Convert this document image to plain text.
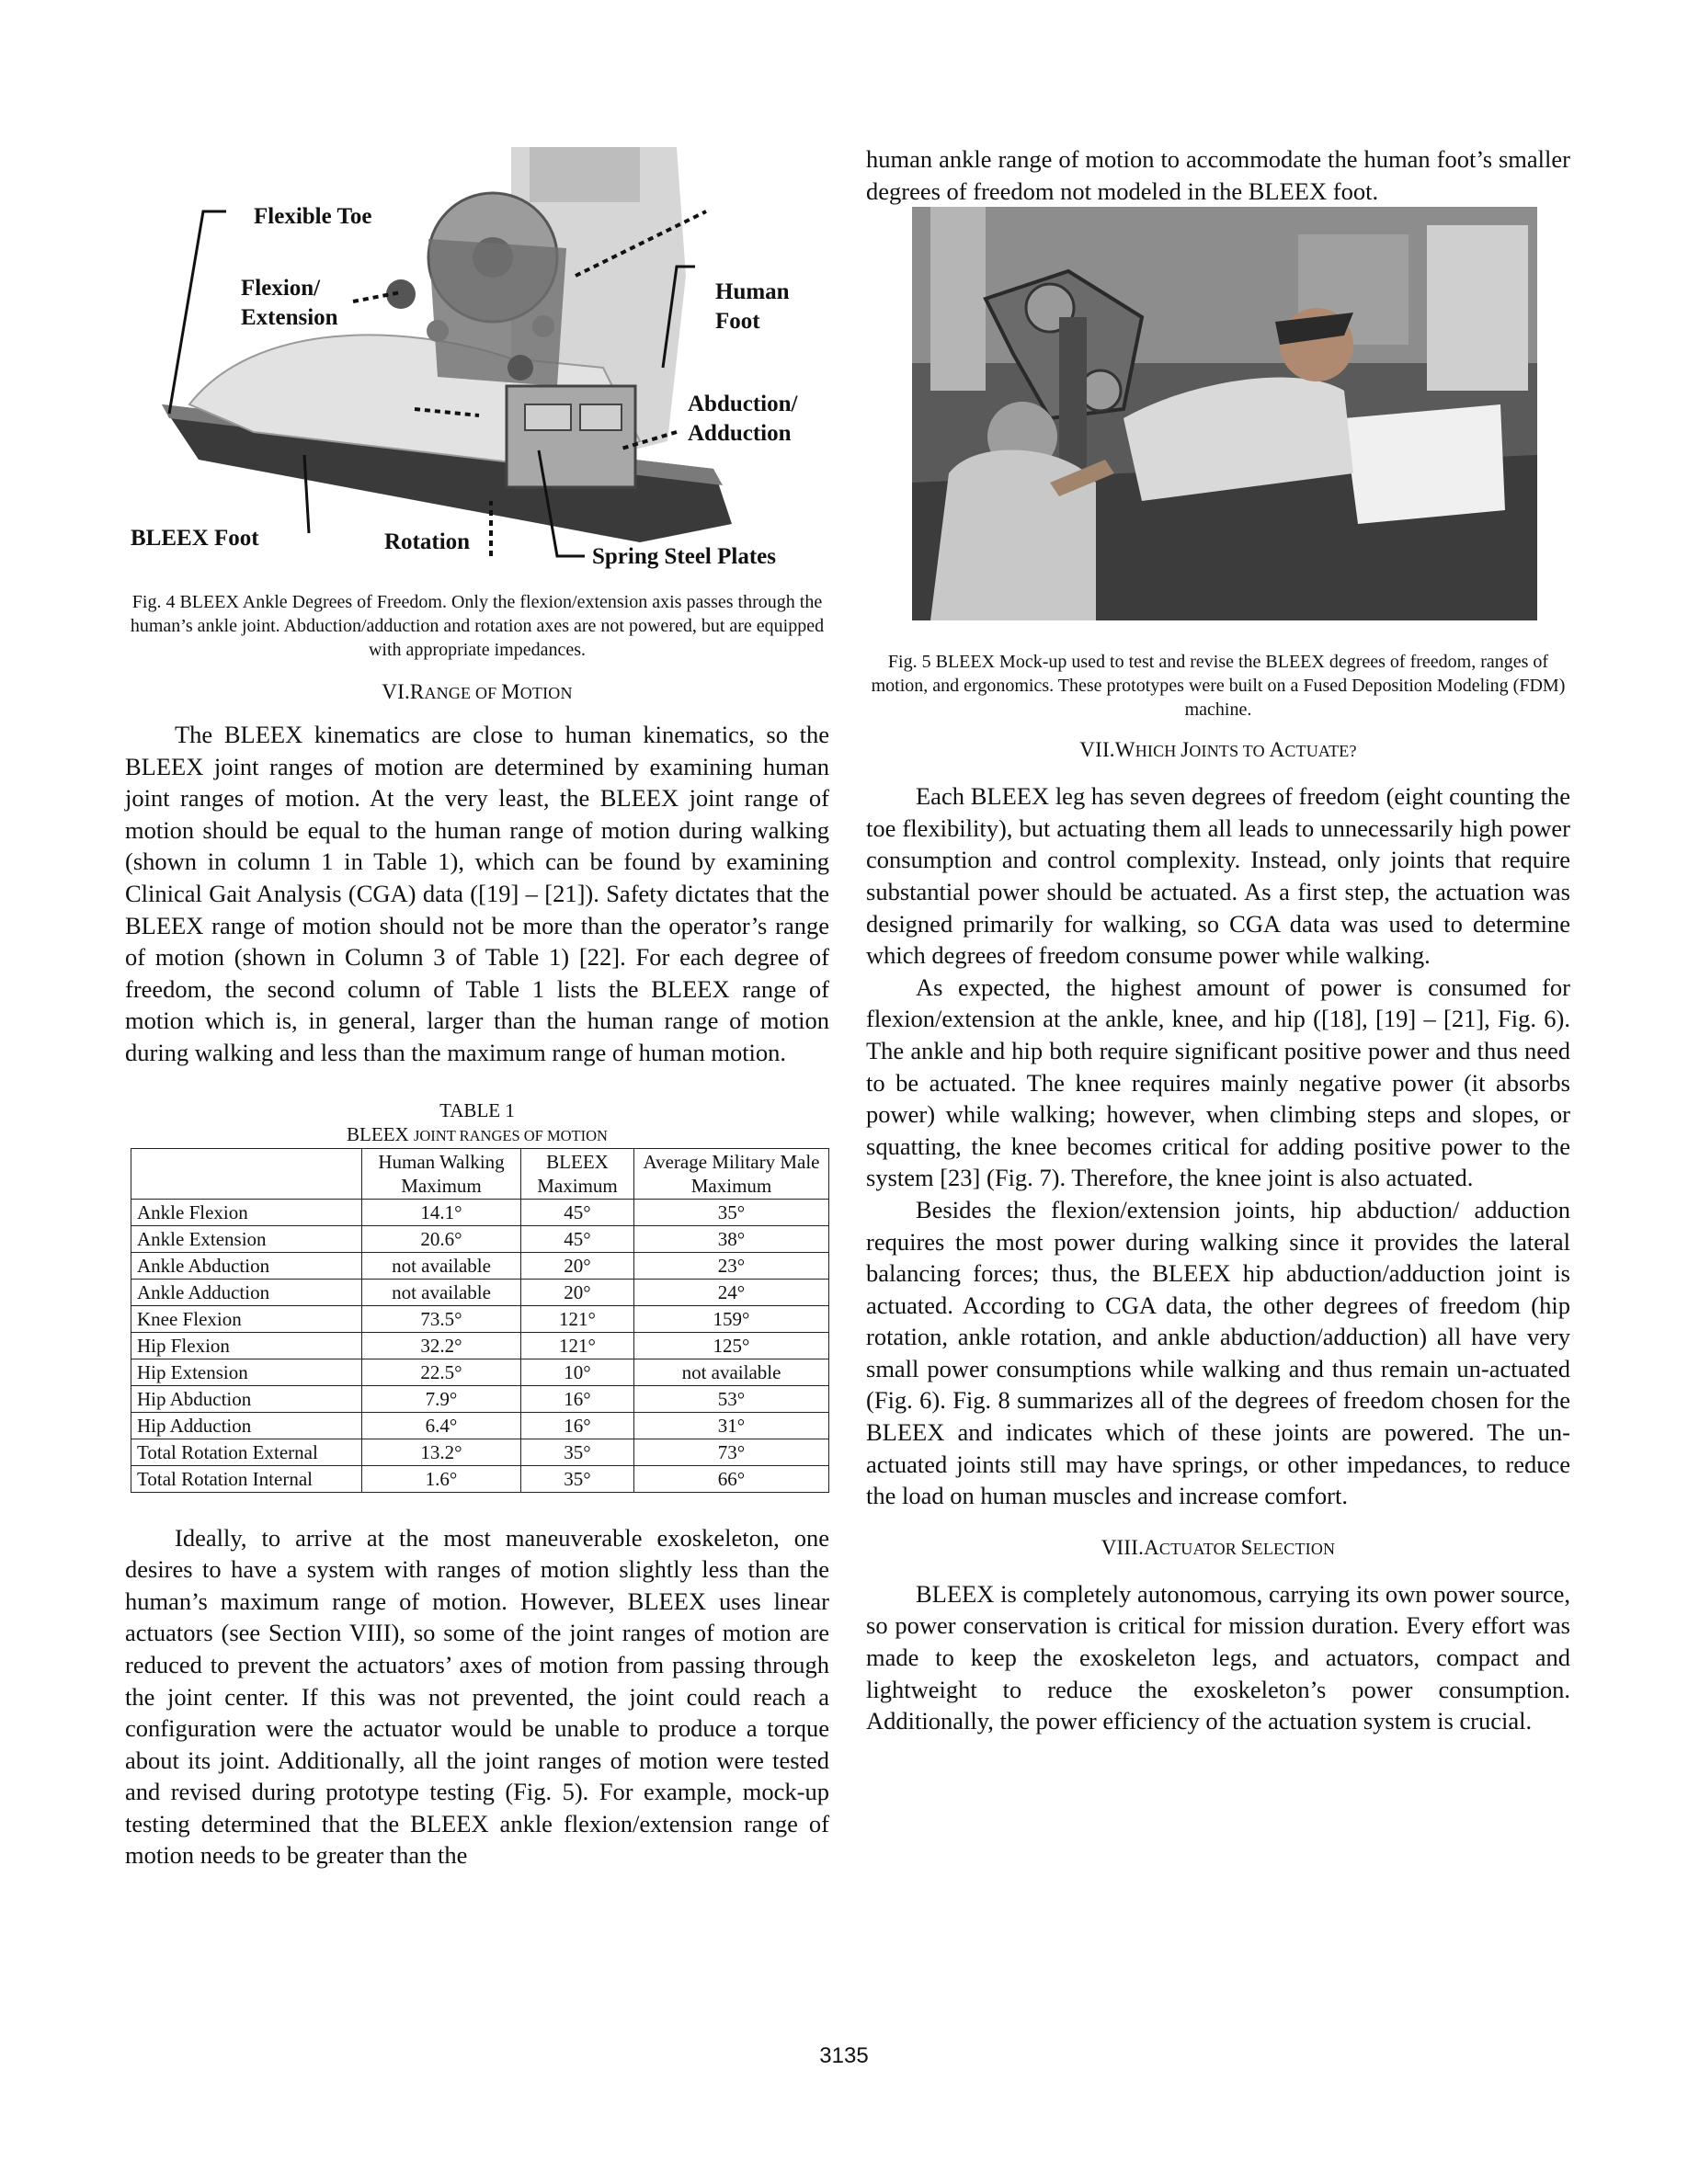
Flexible Toe
Flexion/
Extension
Human
Foot
Abduction/
Adduction
BLEEX Foot	Rotation
Spring Steel Plates

Fig. 4 BLEEX Ankle Degrees of Freedom. Only the flexion/extension axis passes through the human’s ankle joint. Abduction/adduction and rotation axes are not powered, but are equipped with appropriate impedances.

VI.RANGE OF MOTION

The BLEEX kinematics are close to human kinematics, so the BLEEX joint ranges of motion are determined by examining human joint ranges of motion. At the very least, the BLEEX joint range of motion should be equal to the human range of motion during walking (shown in column 1 in Table 1), which can be found by examining Clinical Gait Analysis (CGA) data ([19] – [21]). Safety dictates that the BLEEX range of motion should not be more than the operator’s range of motion (shown in Column 3 of Table 1) [22]. For each degree of freedom, the second column of Table 1 lists the BLEEX range of motion which is, in general, larger than the human range of motion during walking and less than the maximum range of human motion.

TABLE 1

BLEEX JOINT RANGES OF MOTION

	Human Walking Maximum	BLEEX Maximum	Average Military Male Maximum
Ankle Flexion	14.1°	45°	35°
Ankle Extension	20.6°	45°	38°
Ankle Abduction	not available	20°	23°
Ankle Adduction	not available	20°	24°
Knee Flexion	73.5°	121°	159°
Hip Flexion	32.2°	121°	125°
Hip Extension	22.5°	10°	not available
Hip Abduction	7.9°	16°	53°
Hip Adduction	6.4°	16°	31°
Total Rotation External	13.2°	35°	73°
Total Rotation Internal	1.6°	35°	66°

Ideally, to arrive at the most maneuverable exoskeleton, one desires to have a system with ranges of motion slightly less than the human’s maximum range of motion. However, BLEEX uses linear actuators (see Section VIII), so some of the joint ranges of motion are reduced to prevent the actuators’ axes of motion from passing through the joint center. If this was not prevented, the joint could reach a configuration were the actuator would be unable to produce a torque about its joint. Additionally, all the joint ranges of motion were tested and revised during prototype testing (Fig. 5). For example, mock-up testing determined that the BLEEX ankle flexion/extension range of motion needs to be greater than the

human ankle range of motion to accommodate the human foot’s smaller degrees of freedom not modeled in the BLEEX foot.

Fig. 5 BLEEX Mock-up used to test and revise the BLEEX degrees of freedom, ranges of motion, and ergonomics. These prototypes were built on a Fused Deposition Modeling (FDM) machine.

VII.WHICH JOINTS TO ACTUATE?

Each BLEEX leg has seven degrees of freedom (eight counting the toe flexibility), but actuating them all leads to unnecessarily high power consumption and control complexity. Instead, only joints that require substantial power should be actuated. As a first step, the actuation was designed primarily for walking, so CGA data was used to determine which degrees of freedom consume power while walking.

As expected, the highest amount of power is consumed for flexion/extension at the ankle, knee, and hip ([18], [19] – [21], Fig. 6). The ankle and hip both require significant positive power and thus need to be actuated. The knee requires mainly negative power (it absorbs power) while walking; however, when climbing steps and slopes, or squatting, the knee becomes critical for adding positive power to the system [23] (Fig. 7). Therefore, the knee joint is also actuated.

Besides the flexion/extension joints, hip abduction/ adduction requires the most power during walking since it provides the lateral balancing forces; thus, the BLEEX hip abduction/adduction joint is actuated. According to CGA data, the other degrees of freedom (hip rotation, ankle rotation, and ankle abduction/adduction) all have very small power consumptions while walking and thus remain un-actuated (Fig. 6). Fig. 8 summarizes all of the degrees of freedom chosen for the BLEEX and indicates which of these joints are powered. The un-actuated joints still may have springs, or other impedances, to reduce the load on human muscles and increase comfort.

VIII.ACTUATOR SELECTION

BLEEX is completely autonomous, carrying its own power source, so power conservation is critical for mission duration. Every effort was made to keep the exoskeleton legs, and actuators, compact and lightweight to reduce the exoskeleton’s power consumption. Additionally, the power efficiency of the actuation system is crucial.

3135
